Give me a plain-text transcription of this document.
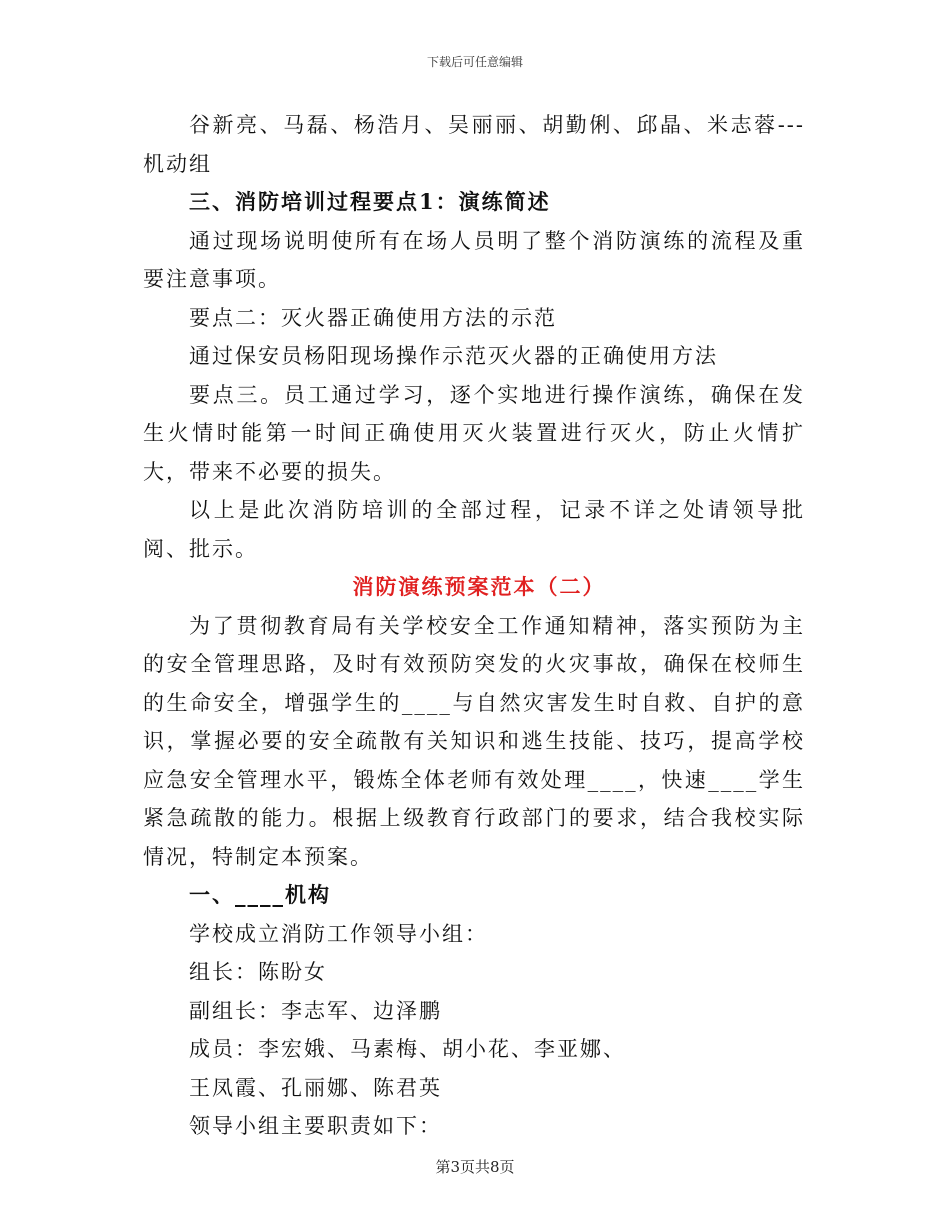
下载后可任意编辑

谷新亮、马磊、杨浩月、吴丽丽、胡勤俐、邱晶、米志蓉---机动组

三、消防培训过程要点1：演练简述

通过现场说明使所有在场人员明了整个消防演练的流程及重要注意事项。

要点二：灭火器正确使用方法的示范

通过保安员杨阳现场操作示范灭火器的正确使用方法

要点三。员工通过学习，逐个实地进行操作演练，确保在发生火情时能第一时间正确使用灭火装置进行灭火，防止火情扩大，带来不必要的损失。

以上是此次消防培训的全部过程，记录不详之处请领导批阅、批示。

消防演练预案范本（二）

为了贯彻教育局有关学校安全工作通知精神，落实预防为主的安全管理思路，及时有效预防突发的火灾事故，确保在校师生的生命安全，增强学生的____与自然灾害发生时自救、自护的意识，掌握必要的安全疏散有关知识和逃生技能、技巧，提高学校应急安全管理水平，锻炼全体老师有效处理____，快速____学生紧急疏散的能力。根据上级教育行政部门的要求，结合我校实际情况，特制定本预案。

一、____机构

学校成立消防工作领导小组：

组长：陈盼女

副组长：李志军、边泽鹏

成员：李宏娥、马素梅、胡小花、李亚娜、

王凤霞、孔丽娜、陈君英

领导小组主要职责如下：

第3页共8页
